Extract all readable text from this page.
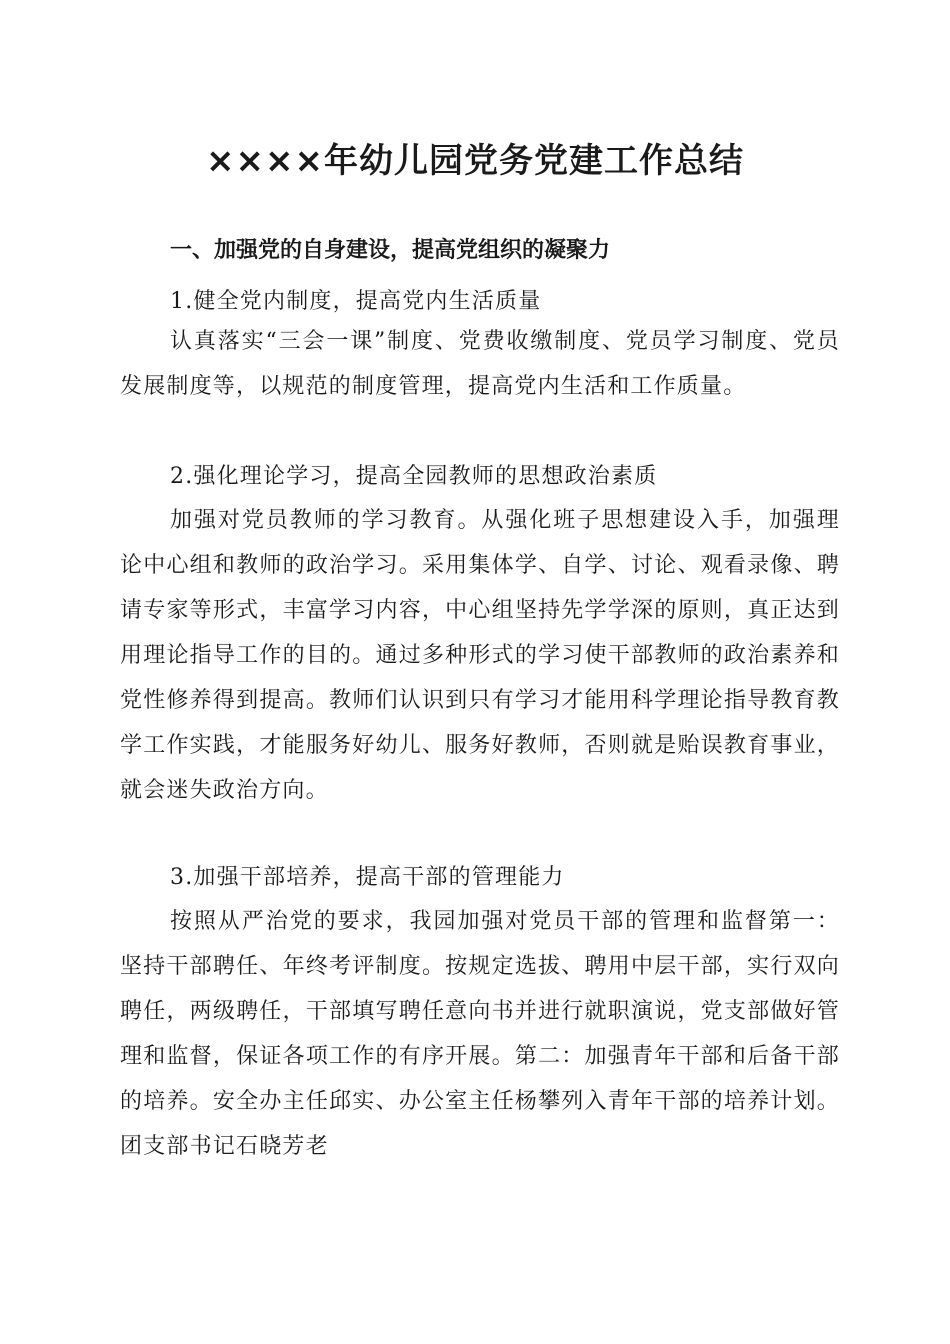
××××年幼儿园党务党建工作总结
一、加强党的自身建设，提高党组织的凝聚力

1.健全党内制度，提高党内生活质量

认真落实“三会一课”制度、党费收缴制度、党员学习制度、党员发展制度等，以规范的制度管理，提高党内生活和工作质量。

2.强化理论学习，提高全园教师的思想政治素质

加强对党员教师的学习教育。从强化班子思想建设入手，加强理论中心组和教师的政治学习。采用集体学、自学、讨论、观看录像、聘请专家等形式，丰富学习内容，中心组坚持先学学深的原则，真正达到用理论指导工作的目的。通过多种形式的学习使干部教师的政治素养和党性修养得到提高。教师们认识到只有学习才能用科学理论指导教育教学工作实践，才能服务好幼儿、服务好教师，否则就是贻误教育事业，就会迷失政治方向。

3.加强干部培养，提高干部的管理能力

按照从严治党的要求，我园加强对党员干部的管理和监督第一：坚持干部聘任、年终考评制度。按规定选拔、聘用中层干部，实行双向聘任，两级聘任，干部填写聘任意向书并进行就职演说，党支部做好管理和监督，保证各项工作的有序开展。第二：加强青年干部和后备干部的培养。安全办主任邱实、办公室主任杨攀列入青年干部的培养计划。团支部书记石晓芳老
